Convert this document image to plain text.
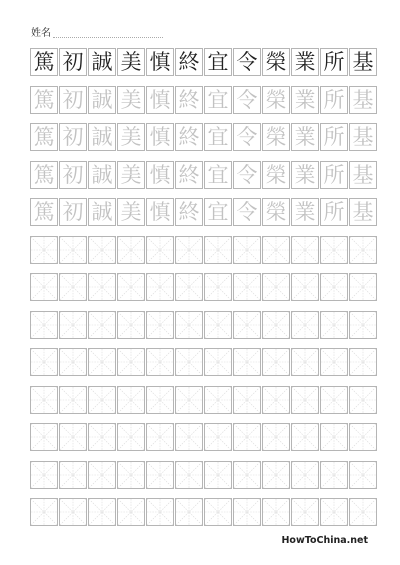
姓名
篤 初 誠 美 慎 終 宜 令 榮 業 所 基
篤 初 誠 美 慎 終 宜 令 榮 業 所 基
篤 初 誠 美 慎 終 宜 令 榮 業 所 基
篤 初 誠 美 慎 終 宜 令 榮 業 所 基
篤 初 誠 美 慎 終 宜 令 榮 業 所 基
HowToChina.net
